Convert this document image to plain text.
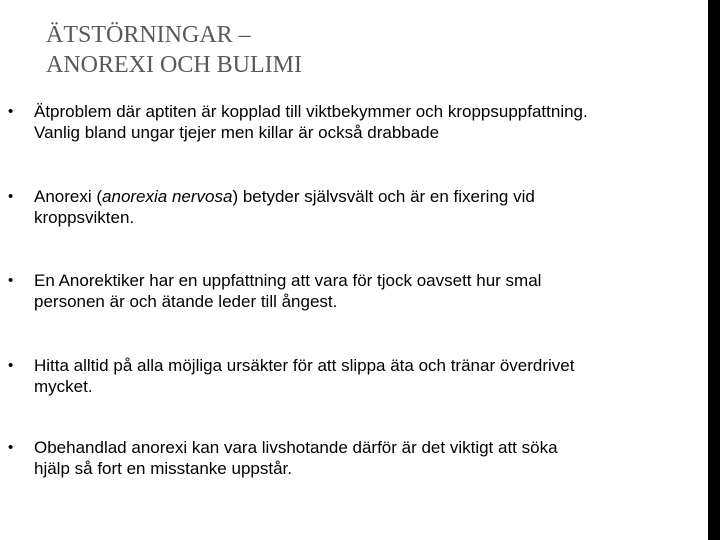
ÄTSTÖRNINGAR –
ANOREXI OCH BULIMI
•	Ätproblem där aptiten är kopplad till viktbekymmer och kroppsuppfattning.
Vanlig bland ungar tjejer men killar är också drabbade
•	Anorexi (anorexia nervosa) betyder självsvält och är en fixering vid
kroppsvikten.
•	En Anorektiker har en uppfattning att vara för tjock oavsett hur smal
personen är och ätande leder till ångest.
•	Hitta alltid på alla möjliga ursäkter för att slippa äta och tränar överdrivet
mycket.
•	Obehandlad anorexi kan vara livshotande därför är det viktigt att söka
hjälp så fort en misstanke uppstår.
